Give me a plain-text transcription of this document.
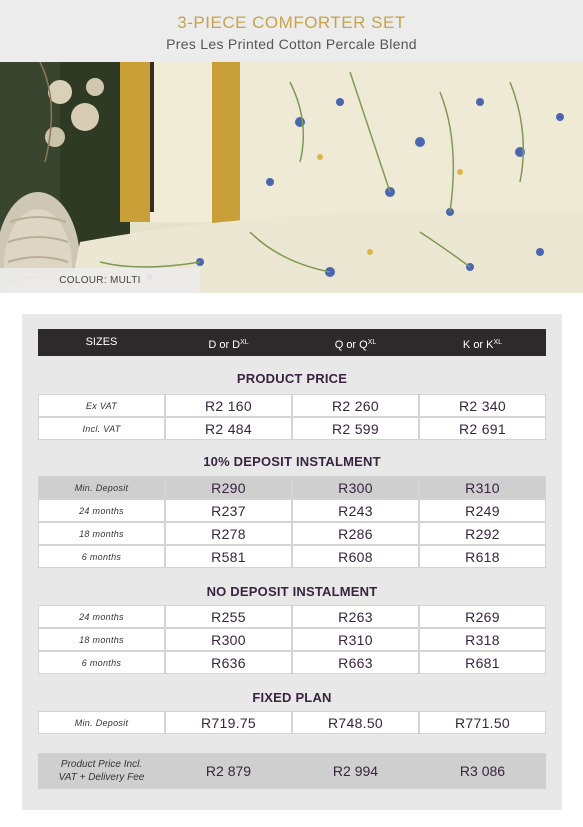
3-PIECE COMFORTER SET
Pres Les Printed Cotton Percale Blend
COLOUR: MULTI
SIZES	D or $D^{XL}$	Q or $Q^{XL}$	K or $K^{XL}$
PRODUCT PRICE
Ex VAT	R2 160	R2 260	R2 340
Incl. VAT	R2 484	R2 599	R2 691
10% DEPOSIT INSTALMENT
Min. Deposit	R290	R300	R310
24 months	R237	R243	R249
18 months	R278	R286	R292
6 months	R581	R608	R618
NO DEPOSIT INSTALMENT
24 months	R255	R263	R269
18 months	R300	R310	R318
6 months	R636	R663	R681
FIXED PLAN
Min. Deposit	R719.75	R748.50	R771.50
Product Price Incl.
VAT + Delivery Fee	R2 879	R2 994	R3 086
